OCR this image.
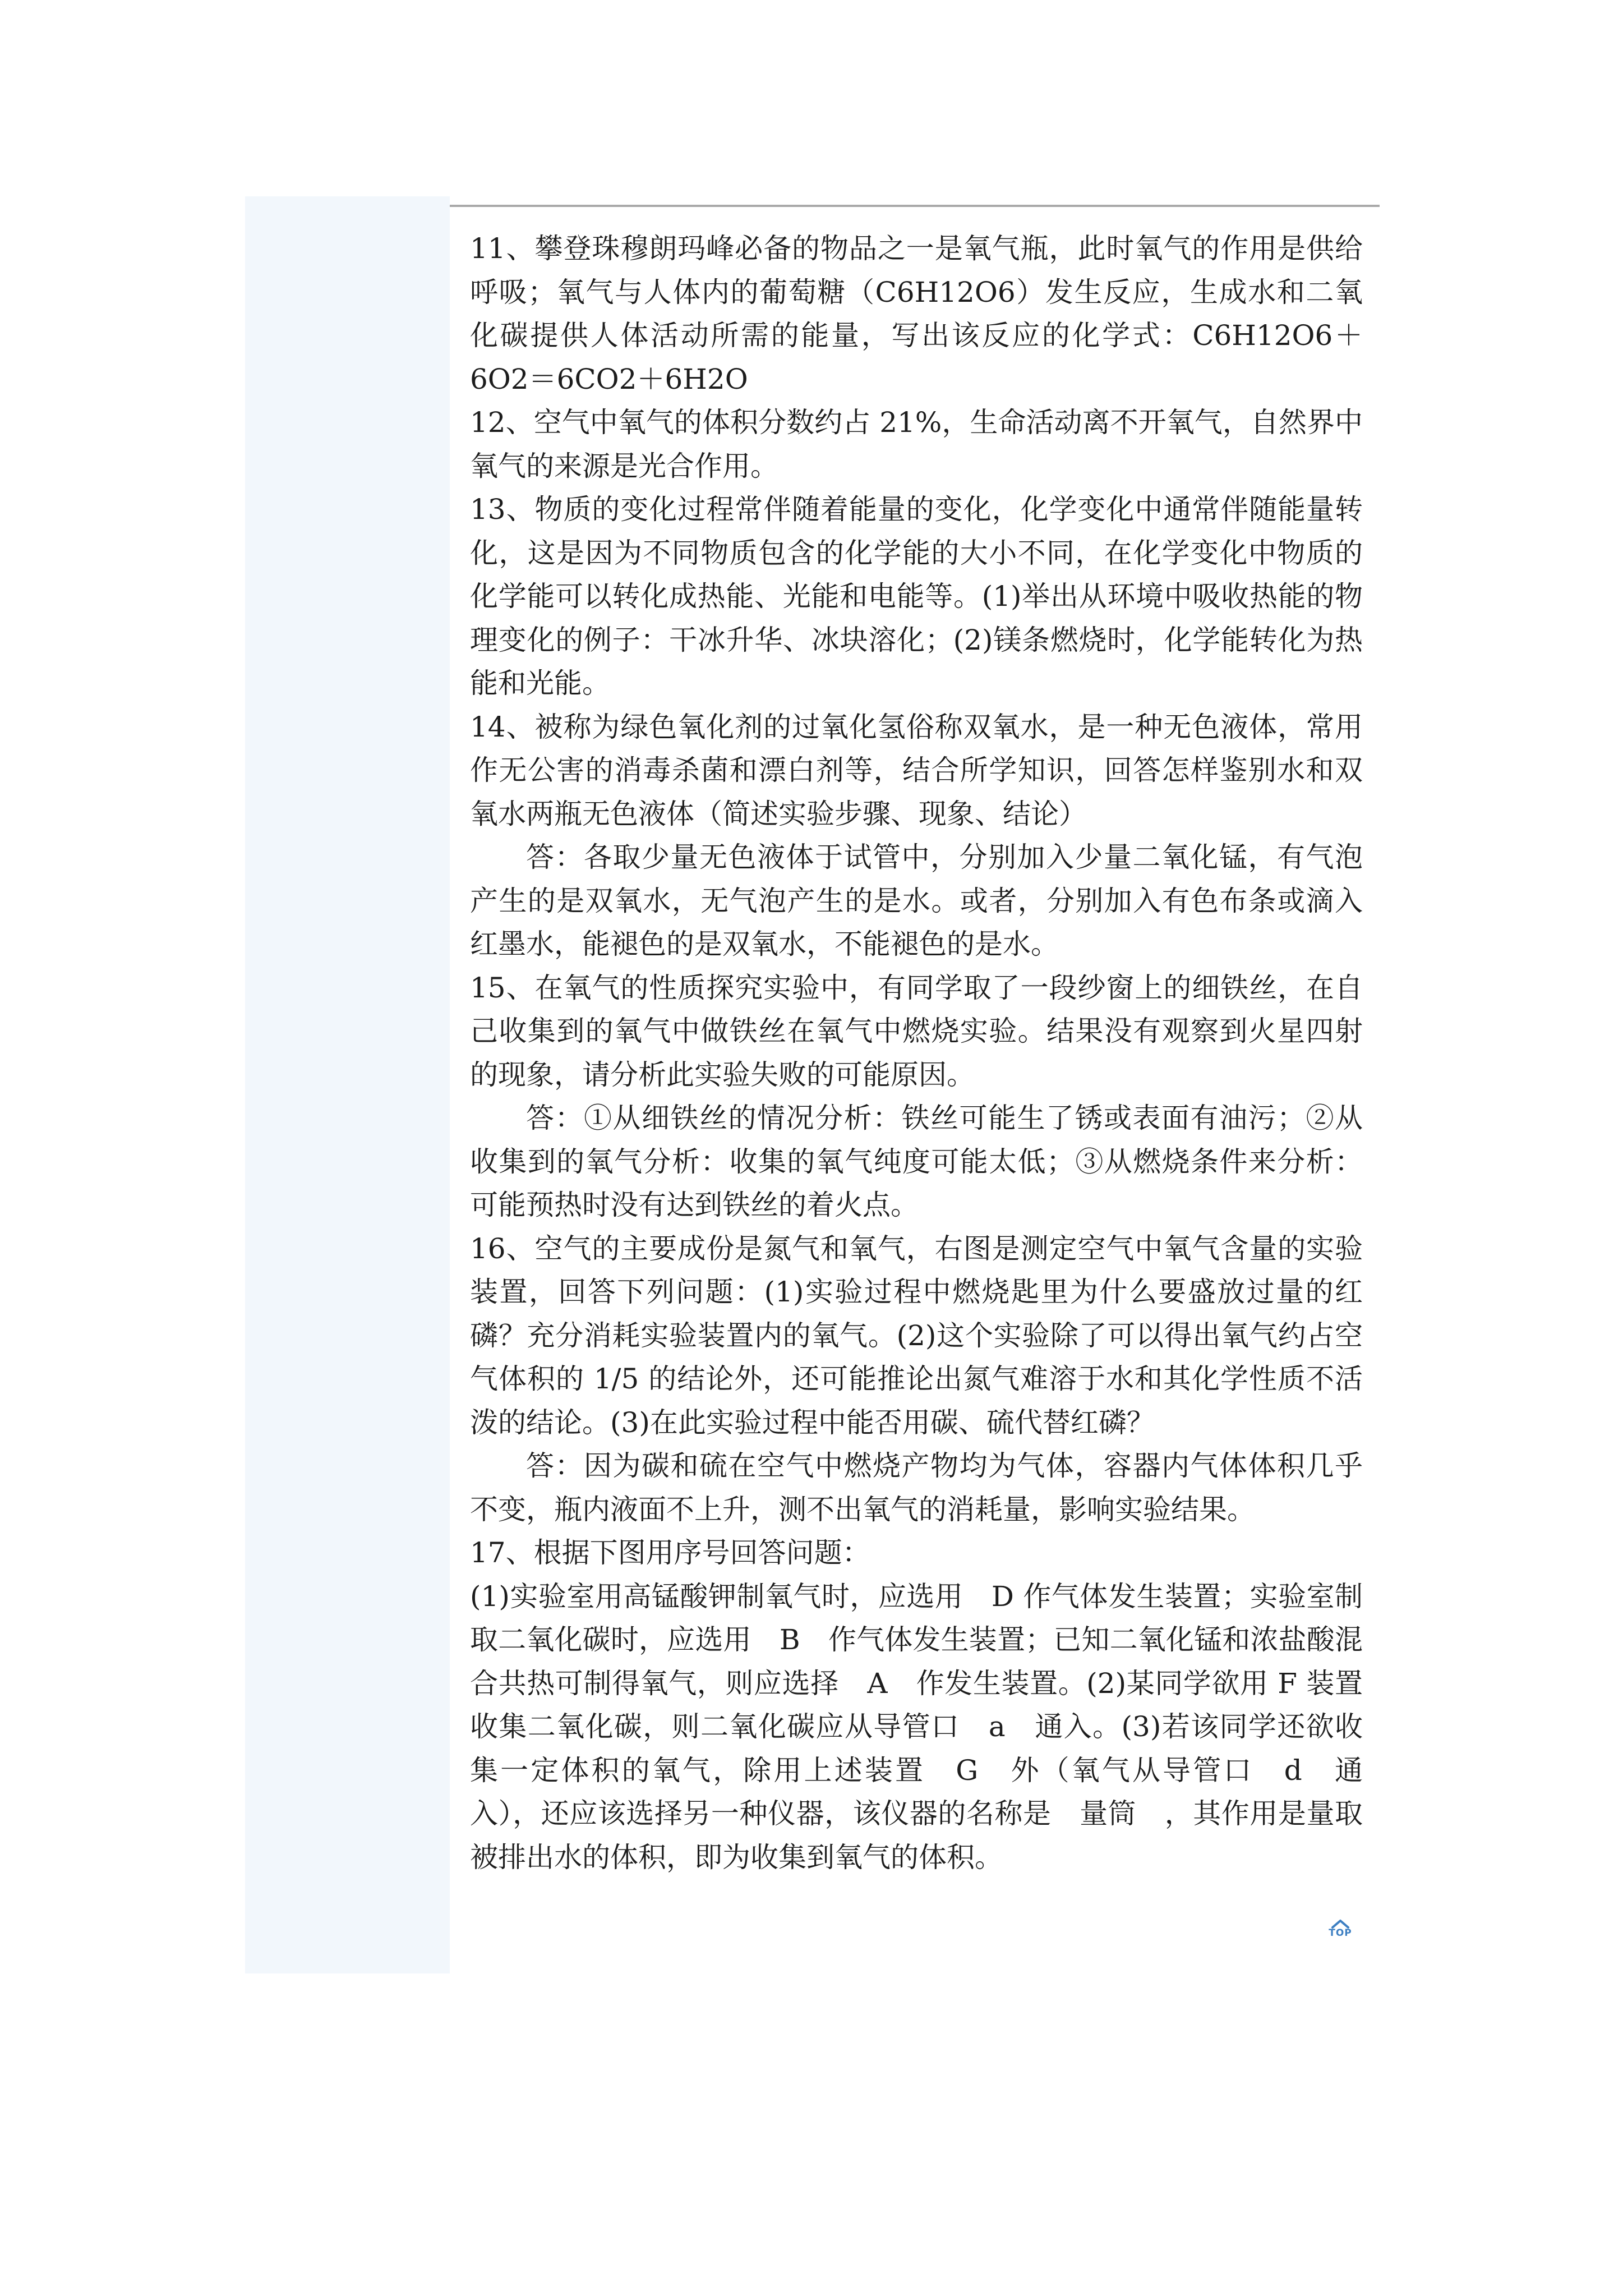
11、攀登珠穆朗玛峰必备的物品之一是氧气瓶，此时氧气的作用是供给呼吸；氧气与人体内的葡萄糖（C6H12O6）发生反应，生成水和二氧化碳提供人体活动所需的能量，写出该反应的化学式：C6H12O6＋6O2＝6CO2＋6H2O

12、空气中氧气的体积分数约占 21%，生命活动离不开氧气，自然界中氧气的来源是光合作用。

13、物质的变化过程常伴随着能量的变化，化学变化中通常伴随能量转化，这是因为不同物质包含的化学能的大小不同，在化学变化中物质的化学能可以转化成热能、光能和电能等。(1)举出从环境中吸收热能的物理变化的例子：干冰升华、冰块溶化；(2)镁条燃烧时，化学能转化为热能和光能。

14、被称为绿色氧化剂的过氧化氢俗称双氧水，是一种无色液体，常用作无公害的消毒杀菌和漂白剂等，结合所学知识，回答怎样鉴别水和双氧水两瓶无色液体（简述实验步骤、现象、结论）

答：各取少量无色液体于试管中，分别加入少量二氧化锰，有气泡产生的是双氧水，无气泡产生的是水。或者，分别加入有色布条或滴入红墨水，能褪色的是双氧水，不能褪色的是水。

15、在氧气的性质探究实验中，有同学取了一段纱窗上的细铁丝，在自己收集到的氧气中做铁丝在氧气中燃烧实验。结果没有观察到火星四射的现象，请分析此实验失败的可能原因。

答：①从细铁丝的情况分析：铁丝可能生了锈或表面有油污；②从收集到的氧气分析：收集的氧气纯度可能太低；③从燃烧条件来分析：可能预热时没有达到铁丝的着火点。

16、空气的主要成份是氮气和氧气，右图是测定空气中氧气含量的实验装置，回答下列问题：(1)实验过程中燃烧匙里为什么要盛放过量的红磷？充分消耗实验装置内的氧气。(2)这个实验除了可以得出氧气约占空气体积的 1/5 的结论外，还可能推论出氮气难溶于水和其化学性质不活泼的结论。(3)在此实验过程中能否用碳、硫代替红磷？

答：因为碳和硫在空气中燃烧产物均为气体，容器内气体体积几乎不变，瓶内液面不上升，测不出氧气的消耗量，影响实验结果。

17、根据下图用序号回答问题：

(1)实验室用高锰酸钾制氧气时，应选用　D 作气体发生装置；实验室制取二氧化碳时，应选用　B　作气体发生装置；已知二氧化锰和浓盐酸混合共热可制得氧气，则应选择　A　作发生装置。(2)某同学欲用 F 装置收集二氧化碳，则二氧化碳应从导管口　a　通入。(3)若该同学还欲收集一定体积的氧气，除用上述装置　G　外（氧气从导管口　d　通入），还应该选择另一种仪器，该仪器的名称是　量筒　，其作用是量取被排出水的体积，即为收集到氧气的体积。

TOP
